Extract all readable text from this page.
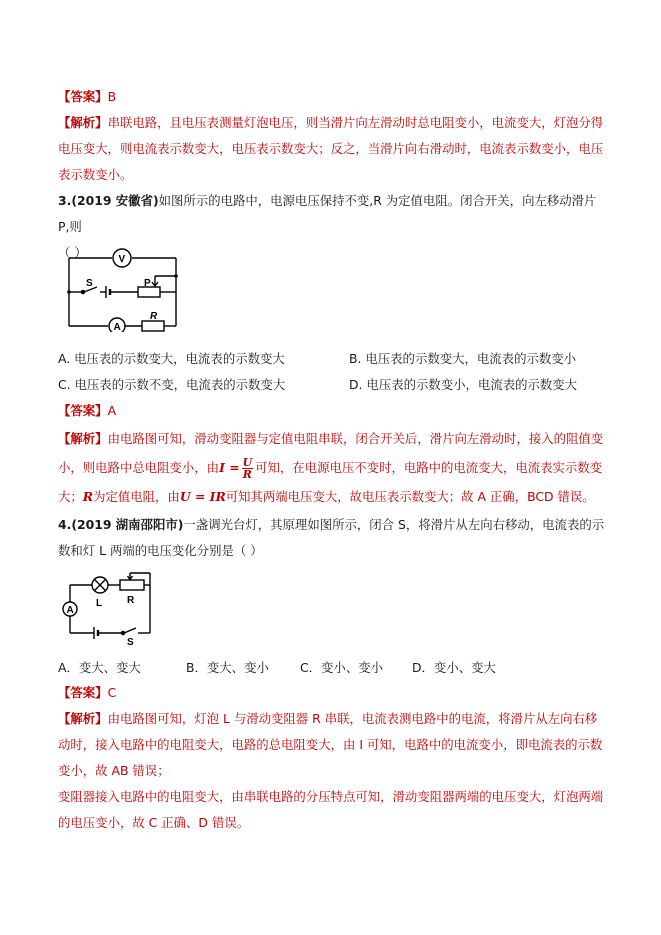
【答案】B
【解析】串联电路，且电压表测量灯泡电压，则当滑片向左滑动时总电阻变小，电流变大，灯泡分得电压变大，则电流表示数变大，电压表示数变大；反之，当滑片向右滑动时，电流表示数变小，电压表示数变小。
3.(2019 安徽省)如图所示的电路中，电源电压保持不变,R 为定值电阻。闭合开关，向左移动滑片 P,则
（ ）	V
A
S	P
R
A. 电压表的示数变大，电流表的示数变大	B. 电压表的示数变大，电流表的示数变小
C. 电压表的示数不变，电流表的示数变大	D. 电压表的示数变小，电流表的示数变大
【答案】A
【解析】由电路图可知，滑动变阻器与定值电阻串联，闭合开关后，滑片向左滑动时，接入的阻值变小，则电路中总电阻变小，由$I = \frac{U}{R}$ 可知，在电源电压不变时，电路中的电流变大，电流表实示数变大；R为定值电阻，由U = IR可知其两端电压变大，故电压表示数变大；故 A 正确，BCD 错误。
4.(2019 湖南邵阳市)一盏调光台灯，其原理如图所示，闭合 S，将滑片从左向右移动，电流表的示数和灯 L 两端的电压变化分别是（ ）
A
L R
S
A．变大、变大	B．变大、变小	C．变小、变小 D．变小、变大
【答案】C
【解析】由电路图可知，灯泡 L 与滑动变阻器 R 串联，电流表测电路中的电流，将滑片从左向右移动时，接入电路中的电阻变大，电路的总电阻变大，由 I 可知，电路中的电流变小，即电流表的示数变小，故 AB 错误；
变阻器接入电路中的电阻变大，由串联电路的分压特点可知，滑动变阻器两端的电压变大，灯泡两端的电压变小，故 C 正确、D 错误。
